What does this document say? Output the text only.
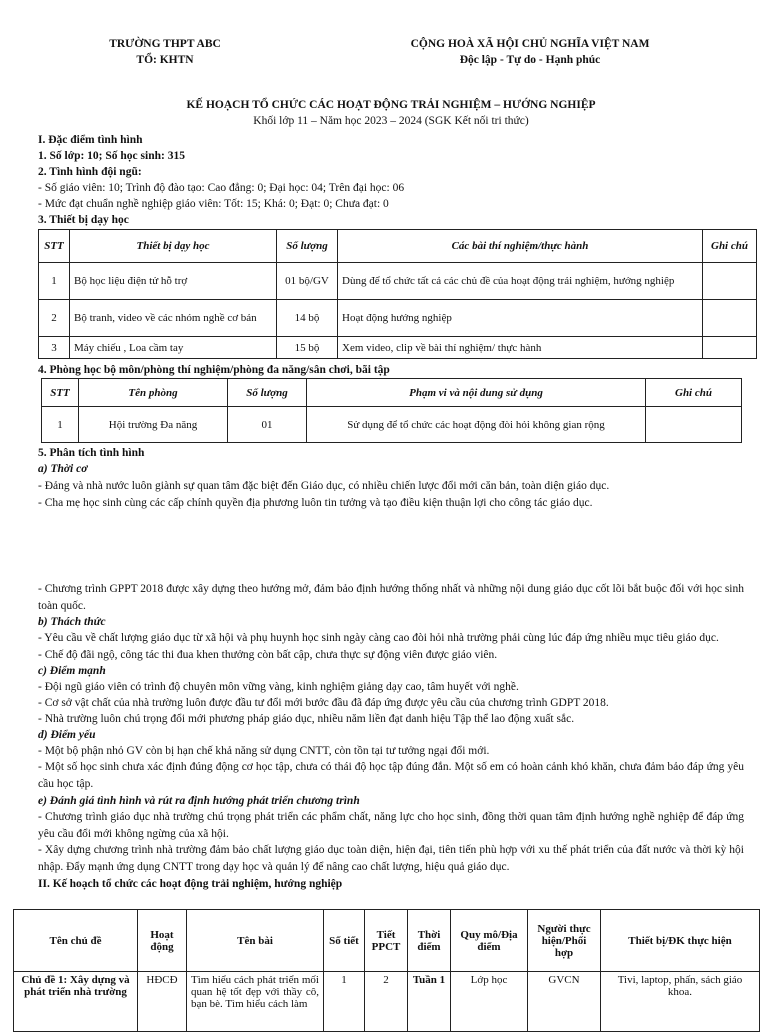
TRƯỜNG THPT ABC
TỔ: KHTN
CỘNG HOÀ XÃ HỘI CHỦ NGHĨA VIỆT NAM
Độc lập - Tự do - Hạnh phúc
KẾ HOẠCH TỔ CHỨC CÁC HOẠT ĐỘNG TRẢI NGHIỆM – HƯỚNG NGHIỆP
Khối lớp 11 – Năm học 2023 – 2024 (SGK Kết nối tri thức)
I. Đặc điểm tình hình
1. Số lớp: 10; Số học sinh: 315
2. Tình hình đội ngũ:
- Số giáo viên: 10; Trình độ đào tạo: Cao đẳng: 0; Đại học: 04; Trên đại học: 06
- Mức đạt chuẩn nghề nghiệp giáo viên: Tốt: 15; Khá: 0; Đạt: 0; Chưa đạt: 0
3. Thiết bị dạy học
STT	Thiết bị dạy học	Số lượng	Các bài thí nghiệm/thực hành	Ghi chú
1	Bộ học liệu điện tử hỗ trợ	01 bộ/GV	Dùng để tổ chức tất cả các chủ đề của hoạt động trải nghiệm, hướng nghiệp	
2	Bộ tranh, video về các nhóm nghề cơ bản	14 bộ	Hoạt động hướng nghiệp	
3	Máy chiếu , Loa cầm tay	15 bộ	Xem video, clip về bài thí nghiệm/ thực hành	
4. Phòng học bộ môn/phòng thí nghiệm/phòng đa năng/sân chơi, bãi tập
STT	Tên phòng	Số lượng	Phạm vi và nội dung sử dụng	Ghi chú
1	Hội trường Đa năng	01	Sử dụng để tổ chức các hoạt động đòi hỏi không gian rộng	
5. Phân tích tình hình
a) Thời cơ
- Đảng và nhà nước luôn giành sự quan tâm đặc biệt đến Giáo dục, có nhiều chiến lược đổi mới căn bản, toàn diện giáo dục.
- Cha mẹ học sinh cùng các cấp chính quyền địa phương luôn tin tưởng và tạo điều kiện thuận lợi cho công tác giáo dục.
- Chương trình GPPT 2018 được xây dựng theo hướng mở, đảm bảo định hướng thống nhất và những nội dung giáo dục cốt lõi bắt buộc đối với học sinh toàn quốc.
b) Thách thức
- Yêu cầu về chất lượng giáo dục từ xã hội và phụ huynh học sinh ngày càng cao đòi hỏi nhà trường phải cùng lúc đáp ứng nhiều mục tiêu giáo dục.
- Chế độ đãi ngộ, công tác thi đua khen thưởng còn bất cập, chưa thực sự động viên được giáo viên.
c) Điểm mạnh
- Đội ngũ giáo viên có trình độ chuyên môn vững vàng, kinh nghiệm giảng dạy cao, tâm huyết với nghề.
- Cơ sở vật chất của nhà trường luôn được đầu tư đổi mới bước đầu đã đáp ứng được yêu cầu của chương trình GDPT 2018.
- Nhà trường luôn chú trọng đổi mới phương pháp giáo dục, nhiều năm liền đạt danh hiệu Tập thể lao động xuất sắc.
d) Điểm yếu
- Một bộ phận nhỏ GV còn bị hạn chế khả năng sử dụng CNTT, còn tồn tại tư tưởng ngại đổi mới.
- Một số học sinh chưa xác định đúng động cơ học tập, chưa có thái độ học tập đúng đắn. Một số em có hoàn cảnh khó khăn, chưa đảm bảo đáp ứng yêu cầu học tập.
e) Đánh giá tình hình và rút ra định hướng phát triển chương trình
- Chương trình giáo dục nhà trường chú trọng phát triển các phẩm chất, năng lực cho học sinh, đồng thời quan tâm định hướng nghề nghiệp để đáp ứng yêu cầu đổi mới không ngừng của xã hội.
- Xây dựng chương trình nhà trường đảm bảo chất lượng giáo dục toàn diện, hiện đại, tiên tiến phù hợp với xu thế phát triển của đất nước và thời kỳ hội nhập. Đẩy mạnh ứng dụng CNTT trong dạy học và quản lý để nâng cao chất lượng, hiệu quả giáo dục.
II. Kế hoạch tổ chức các hoạt động trải nghiệm, hướng nghiệp
Tên chủ đề	Hoạt động	Tên bài	Số tiết	Tiết PPCT	Thời điểm	Quy mô/Địa điểm	Người thực hiện/Phối hợp	Thiết bị/ĐK thực hiện
Chủ đề 1: Xây dựng và phát triển nhà trường	HĐCĐ	Tìm hiểu cách phát triển mối quan hệ tốt đẹp với thầy cô, bạn bè. Tìm hiểu cách làm	1	2	Tuần 1	Lớp học	GVCN	Tivi, laptop, phấn, sách giáo khoa.
